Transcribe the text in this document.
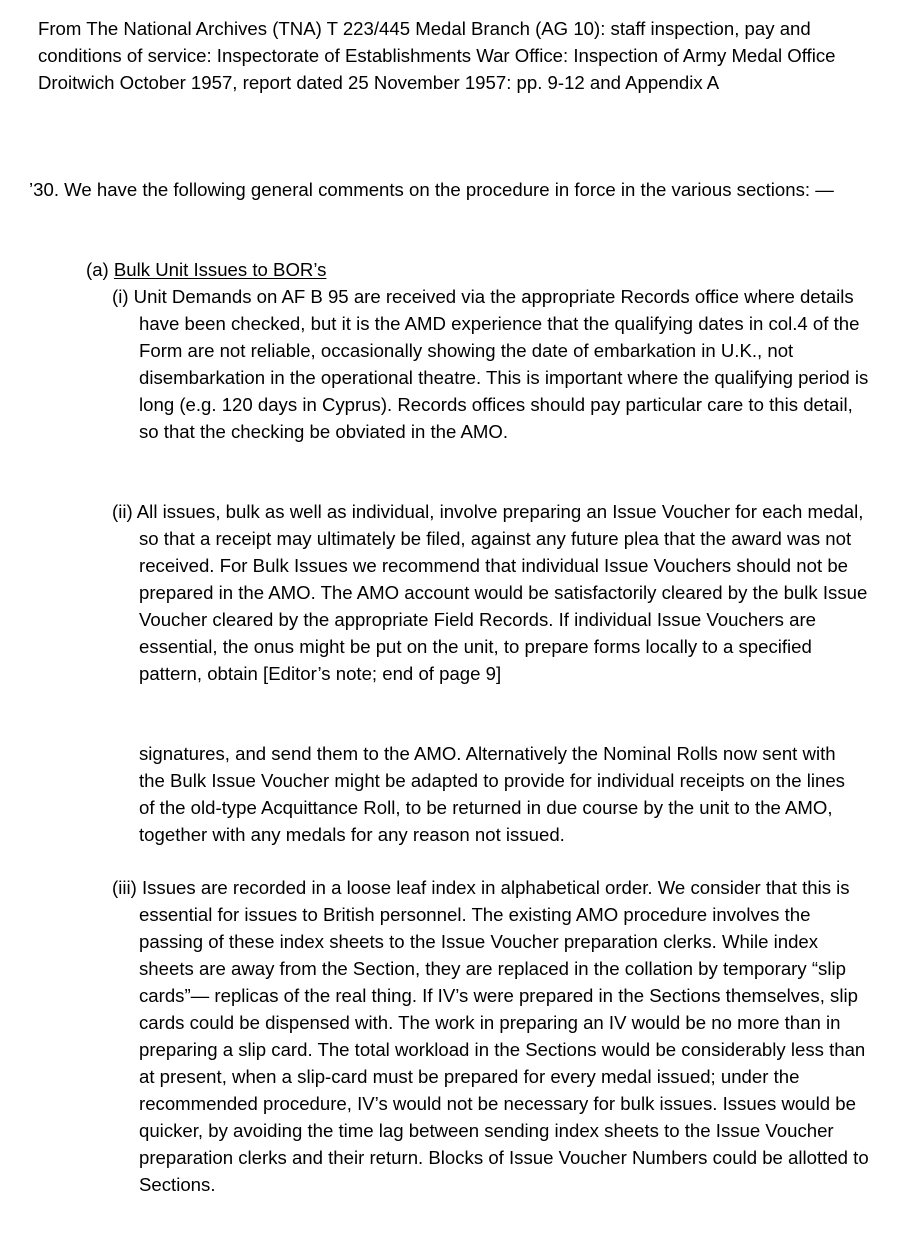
From The National Archives (TNA) T 223/445 Medal Branch (AG 10): staff inspection, pay and conditions of service: Inspectorate of Establishments War Office: Inspection of Army Medal Office Droitwich October 1957, report dated 25 November 1957: pp. 9-12 and Appendix A

’30. We have the following general comments on the procedure in force in the various sections: —

(a) Bulk Unit Issues to BOR’s

(i) Unit Demands on AF B 95 are received via the appropriate Records office where details have been checked, but it is the AMD experience that the qualifying dates in col.4 of the Form are not reliable, occasionally showing the date of embarkation in U.K., not disembarkation in the operational theatre. This is important where the qualifying period is long (e.g. 120 days in Cyprus). Records offices should pay particular care to this detail, so that the checking be obviated in the AMO.

(ii) All issues, bulk as well as individual, involve preparing an Issue Voucher for each medal, so that a receipt may ultimately be filed, against any future plea that the award was not received. For Bulk Issues we recommend that individual Issue Vouchers should not be prepared in the AMO. The AMO account would be satisfactorily cleared by the bulk Issue Voucher cleared by the appropriate Field Records. If individual Issue Vouchers are essential, the onus might be put on the unit, to prepare forms locally to a specified pattern, obtain [Editor’s note; end of page 9]

signatures, and send them to the AMO. Alternatively the Nominal Rolls now sent with the Bulk Issue Voucher might be adapted to provide for individual receipts on the lines of the old-type Acquittance Roll, to be returned in due course by the unit to the AMO, together with any medals for any reason not issued.

(iii) Issues are recorded in a loose leaf index in alphabetical order. We consider that this is essential for issues to British personnel. The existing AMO procedure involves the passing of these index sheets to the Issue Voucher preparation clerks. While index sheets are away from the Section, they are replaced in the collation by temporary “slip cards”— replicas of the real thing. If IV’s were prepared in the Sections themselves, slip cards could be dispensed with. The work in preparing an IV would be no more than in preparing a slip card. The total workload in the Sections would be considerably less than at present, when a slip-card must be prepared for every medal issued; under the recommended procedure, IV’s would not be necessary for bulk issues. Issues would be quicker, by avoiding the time lag between sending index sheets to the Issue Voucher preparation clerks and their return. Blocks of Issue Voucher Numbers could be allotted to Sections.
